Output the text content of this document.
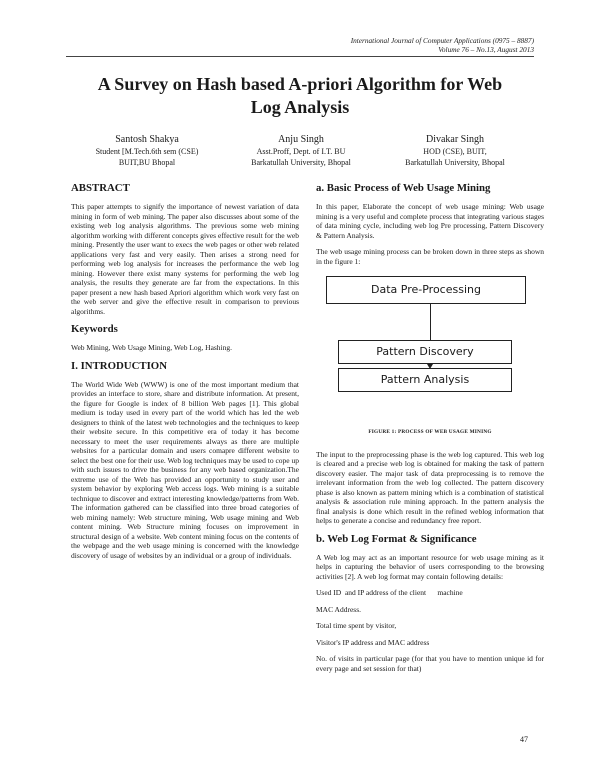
International Journal of Computer Applications (0975 – 8887)
Volume 76 – No.13, August 2013
A Survey on Hash based A-priori Algorithm for Web
Log Analysis
Santosh Shakya
Student [M.Tech.6th sem (CSE)
BUIT,BU Bhopal
Anju Singh
Asst.Proff, Dept. of I.T. BU
Barkatullah University, Bhopal
Divakar Singh
HOD (CSE), BUIT,
Barkatullah University, Bhopal
ABSTRACT

This paper attempts to signify the importance of newest variation of data mining in form of web mining. The paper also discusses about some of the existing web log analysis algorithms. The previous some web mining algorithm working with different concepts gives effective result for the web mining. Presently the user want to execs the web pages or other web related applications very fast and very easily. Then arises a strong need for performing web log analysis for increases the performance the web log mining. However there exist many systems for performing the web log analysis, the results they generate are far from the expectations. In this paper present a new hash based Apriori algorithm which work very fast on the web server and give the effective result in comparison to previous algorithms.

Keywords

Web Mining, Web Usage Mining, Web Log, Hashing.

I. INTRODUCTION

The World Wide Web (WWW) is one of the most important medium that provides an interface to store, share and distribute information. At present, the figure for Google is index of 8 billion Web pages [1]. This global medium is today used in every part of the world which has led the web designers to think of the latest web technologies and the techniques to keep their website secure. In this competitive era of today it has become necessary to meet the user requirements always as there are multiple websites for a particular domain and users comapre different website to select the best one for their use. Web log techniques may be used to cope up with such issues to drive the business for any web based organization.The extreme use of the Web has provided an opportunity to study user and system behavior by exploring Web access logs. Web mining is a suitable technique to discover and extract interesting knowledge/patterns from Web. The information gathered can be classified into three broad categories of web mining namely: Web structure mining, Web usage mining and Web content mining. Web Structure mining focuses on improvement in structural design of a website. Web content mining focus on the contents of the webpage and the web usage mining is concerned with the knowledge discovery of usage of websites by an individual or a group of individuals.

a. Basic Process of Web Usage Mining

In this paper, Elaborate the concept of web usage mining: Web usage mining is a very useful and complete process that integrating various stages of data mining cycle, including web log Pre processing, Pattern Discovery & Pattern Analysis.

The web usage mining process can be broken down in three steps as shown in the figure 1:

Data Pre-Processing
Pattern Discovery
Pattern Analysis
FIGURE 1: PROCESS OF WEB USAGE MINING

The input to the preprocessing phase is the web log captured. This web log is cleared and a precise web log is obtained for making the task of pattern discovery easier. The major task of data preprocessing is to remove the irrelevant information from the web log collected. The pattern discovery phase is also known as pattern mining which is a combination of statistical analysis & association rule mining approach. In the pattern analysis the final analysis is done which result in the refined weblog information that helps to generate a concise and redundancy free report.

b. Web Log Format & Significance

A Web log may act as an important resource for web usage mining as it helps in capturing the behavior of users corresponding to the browsing activities [2]. A web log format may contain following details:

Used ID  and IP address of the client      machine

MAC Address.

Total time spent by visitor,

Visitor's IP address and MAC address

No. of visits in particular page (for that you have to mention unique id for every page and set session for that)

47
